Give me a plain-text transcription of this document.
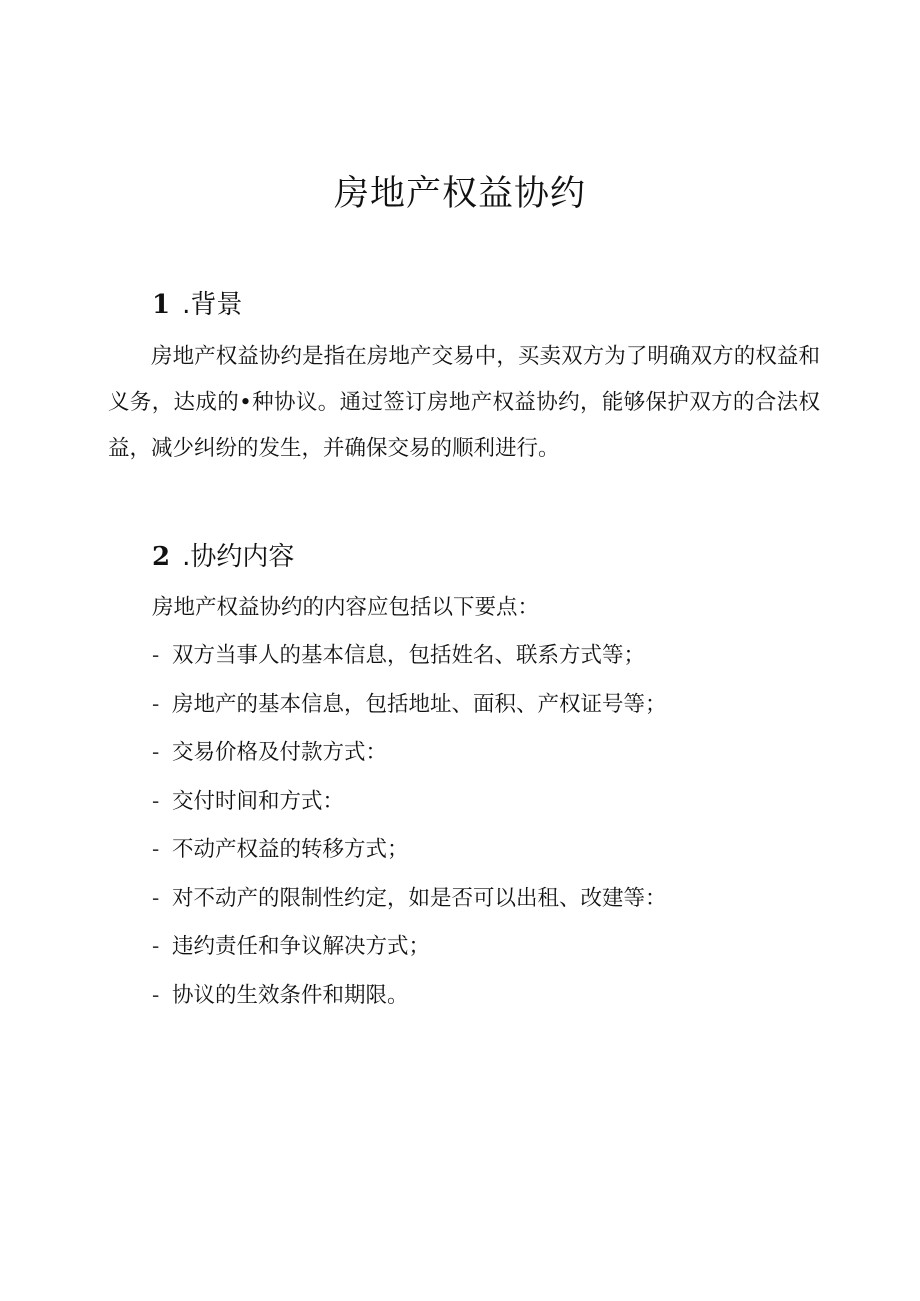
房地产权益协约
1 .背景

房地产权益协约是指在房地产交易中，买卖双方为了明确双方的权益和义务，达成的•种协议。通过签订房地产权益协约，能够保护双方的合法权益，减少纠纷的发生，并确保交易的顺利进行。

2 .协约内容

房地产权益协约的内容应包括以下要点：

- 双方当事人的基本信息，包括姓名、联系方式等；
- 房地产的基本信息，包括地址、面积、产权证号等；
- 交易价格及付款方式：
- 交付时间和方式：
- 不动产权益的转移方式；
- 对不动产的限制性约定，如是否可以出租、改建等：
- 违约责任和争议解决方式；
- 协议的生效条件和期限。
